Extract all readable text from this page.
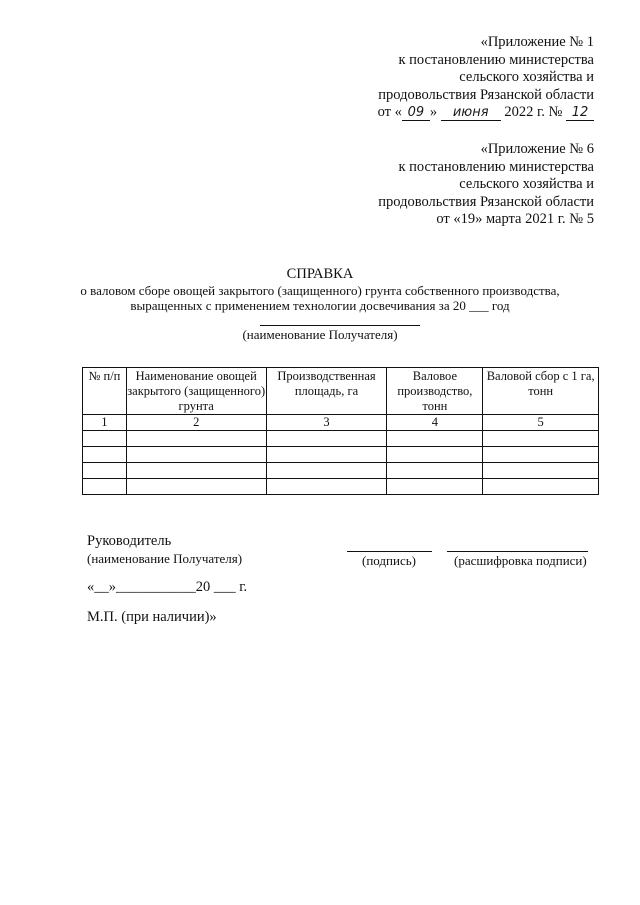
«Приложение № 1
к постановлению министерства
сельского хозяйства и
продовольствия Рязанской области
от « 09 » июня 2022 г. № 12
«Приложение № 6
к постановлению министерства
сельского хозяйства и
продовольствия Рязанской области
от «19» марта 2021 г. № 5
СПРАВКА
о валовом сборе овощей закрытого (защищенного) грунта собственного производства,
выращенных с применением технологии досвечивания за 20 ___ год
(наименование Получателя)
№ п/п	Наименование овощей закрытого (защищенного) грунта	Производственная площадь, га	Валовое производство, тонн	Валовой сбор с 1 га, тонн
1	2	3	4	5

Руководитель
(наименование Получателя)	(подпись)	(расшифровка подписи)
«__»___________20 ___ г.
М.П. (при наличии)»
